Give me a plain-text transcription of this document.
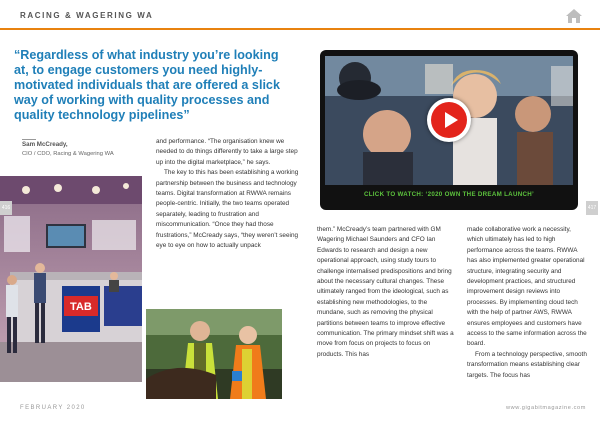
RACING & WAGERING WA
“Regardless of what industry you’re looking at, to engage customers you need highly-motivated individuals that are offered a slick way of working with quality processes and quality technology pipelines”
Sam McCready,
CIO / CDO, Racing & Wagering WA

and performance. “The organisation knew we needed to do things differently to take a large step up into the digital marketplace,” he says.

The key to this has been establishing a working partnership between the business and technology teams. Digital transformation at RWWA remains people-centric. Initially, the two teams operated separately, leading to frustration and miscommunication. “Once they had those frustrations,” McCready says, “they weren’t seeing eye to eye on how to actually unpack

TAB
CLICK TO WATCH: ‘2020 OWN THE DREAM LAUNCH’

them.” McCready’s team partnered with GM Wagering Michael Saunders and CFO Ian Edwards to research and design a new operational approach, using study tours to challenge internalised predispositions and bring about the necessary cultural changes. These ultimately ranged from the ideological, such as establishing new methodologies, to the mundane, such as removing the physical partitions between teams to improve effective communication. The primary mindset shift was a move from focus on projects to focus on products. This has

made collaborative work a necessity, which ultimately has led to high performance across the teams. RWWA has also implemented greater operational structure, integrating security and development practices, and structured improvement design reviews into processes. By implementing cloud tech with the help of partner AWS, RWWA ensures employees and customers have access to the same information across the board.

From a technology perspective, smooth transformation means establishing clear targets. The focus has

416	417
FEBRUARY 2020	www.gigabitmagazine.com
